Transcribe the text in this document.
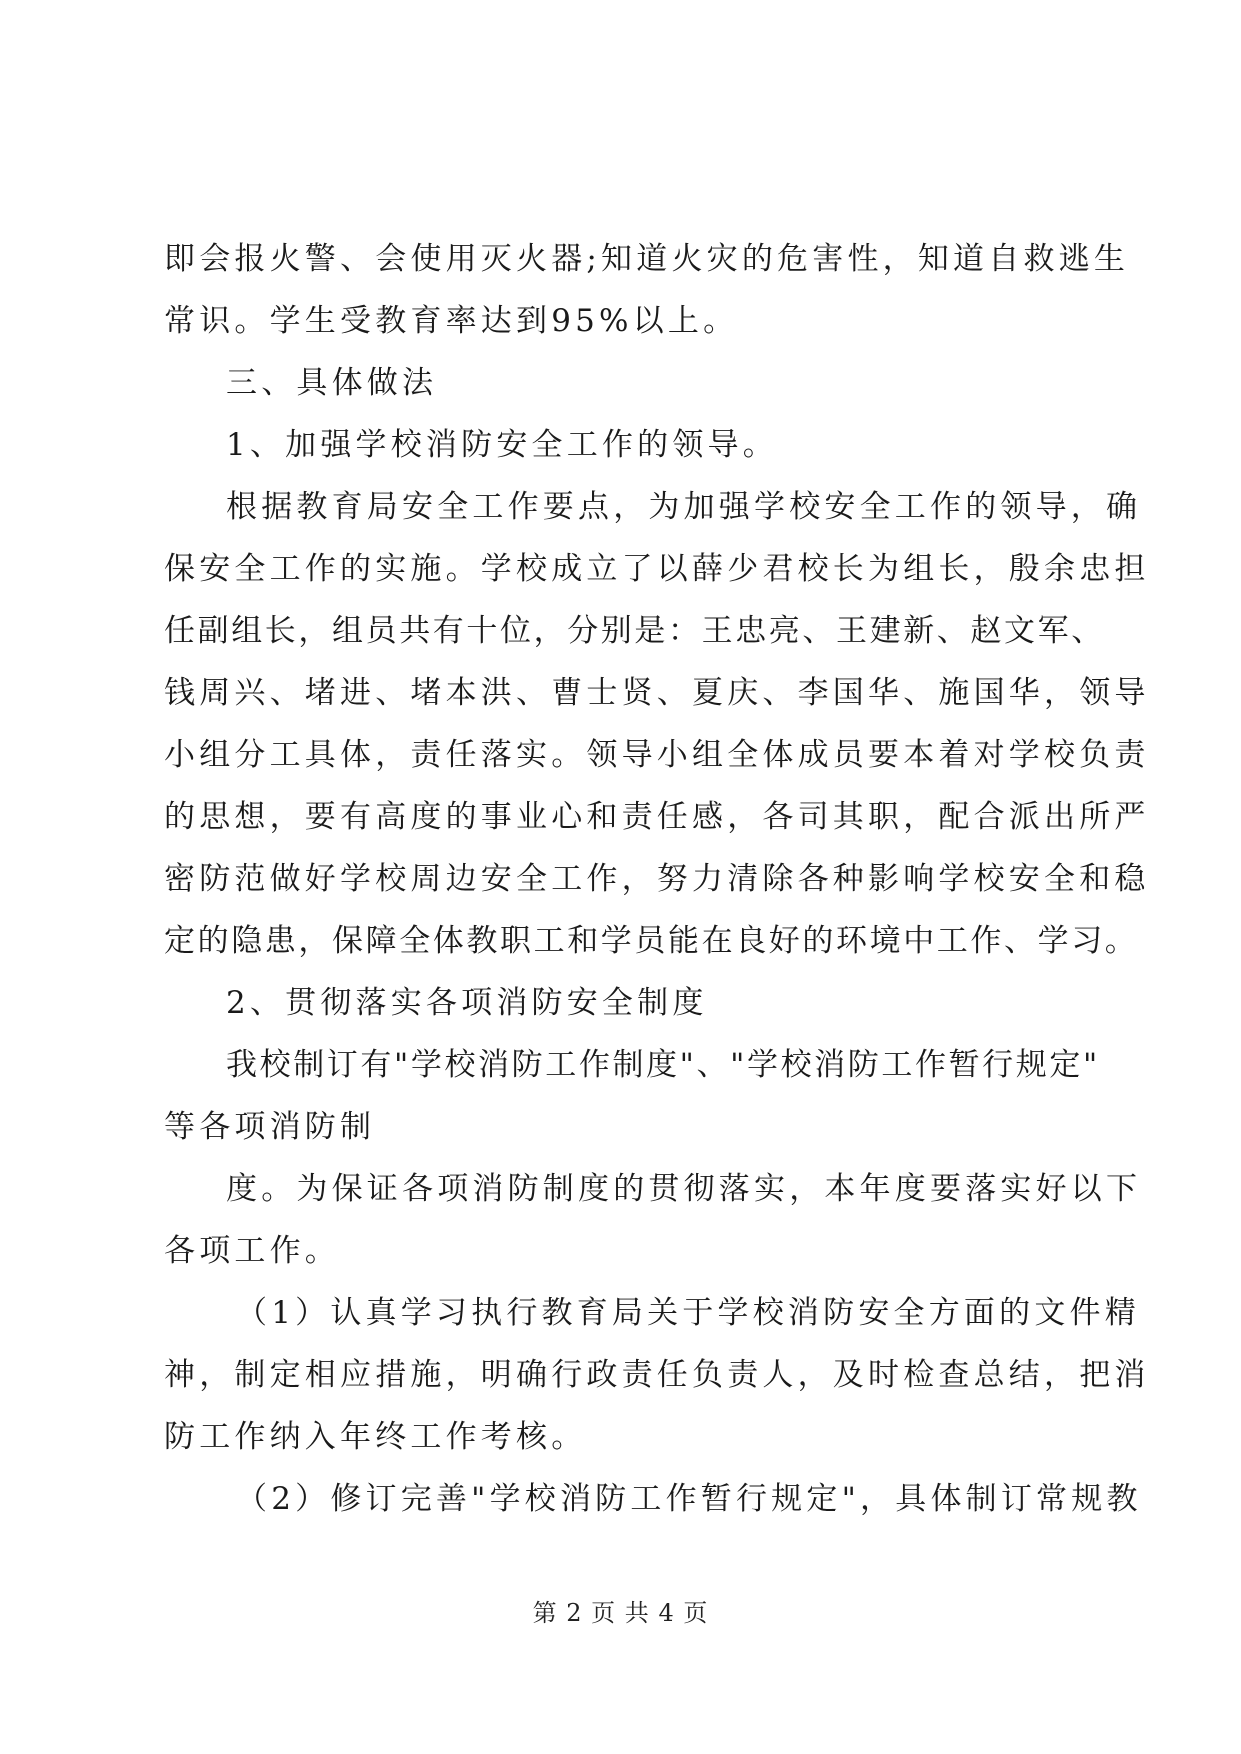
即会报火警、会使用灭火器;知道火灾的危害性，知道自救逃生

常识。学生受教育率达到95%以上。

三、具体做法

1、加强学校消防安全工作的领导。

根据教育局安全工作要点，为加强学校安全工作的领导，确

保安全工作的实施。学校成立了以薛少君校长为组长，殷余忠担

任副组长，组员共有十位，分别是：王忠亮、王建新、赵文军、

钱周兴、堵进、堵本洪、曹士贤、夏庆、李国华、施国华，领导

小组分工具体，责任落实。领导小组全体成员要本着对学校负责

的思想，要有高度的事业心和责任感，各司其职，配合派出所严

密防范做好学校周边安全工作，努力清除各种影响学校安全和稳

定的隐患，保障全体教职工和学员能在良好的环境中工作、学习。

2、贯彻落实各项消防安全制度

我校制订有"学校消防工作制度"、"学校消防工作暂行规定"

等各项消防制

度。为保证各项消防制度的贯彻落实，本年度要落实好以下

各项工作。

（1）认真学习执行教育局关于学校消防安全方面的文件精

神，制定相应措施，明确行政责任负责人，及时检查总结，把消

防工作纳入年终工作考核。

（2）修订完善"学校消防工作暂行规定"，具体制订常规教

第 2 页 共 4 页
